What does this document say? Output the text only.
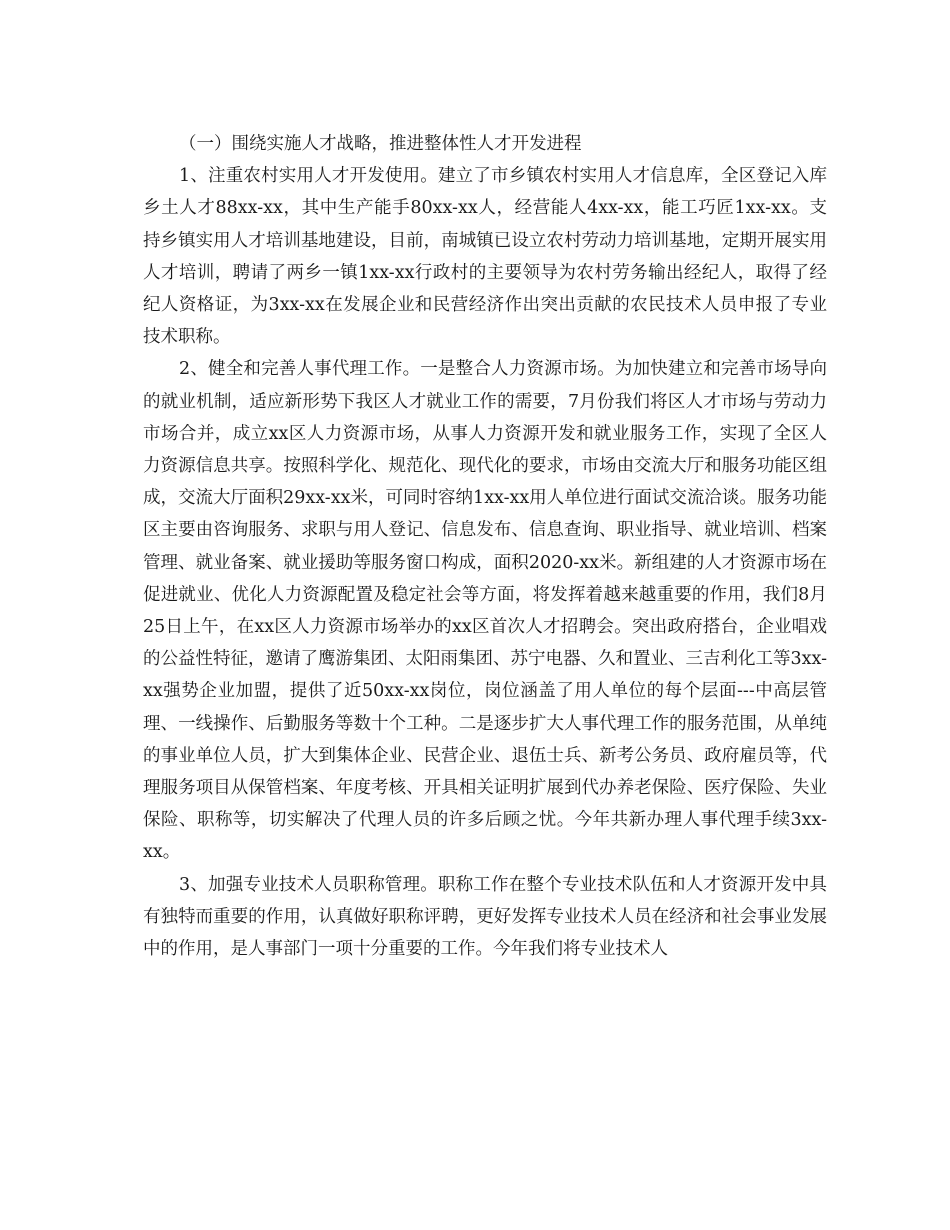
（一）围绕实施人才战略，推进整体性人才开发进程

1、注重农村实用人才开发使用。建立了市乡镇农村实用人才信息库，全区登记入库乡土人才88xx-xx，其中生产能手80xx-xx人，经营能人4xx-xx，能工巧匠1xx-xx。支持乡镇实用人才培训基地建设，目前，南城镇已设立农村劳动力培训基地，定期开展实用人才培训，聘请了两乡一镇1xx-xx行政村的主要领导为农村劳务输出经纪人，取得了经纪人资格证，为3xx-xx在发展企业和民营经济作出突出贡献的农民技术人员申报了专业技术职称。

2、健全和完善人事代理工作。一是整合人力资源市场。为加快建立和完善市场导向的就业机制，适应新形势下我区人才就业工作的需要，7月份我们将区人才市场与劳动力市场合并，成立xx区人力资源市场，从事人力资源开发和就业服务工作，实现了全区人力资源信息共享。按照科学化、规范化、现代化的要求，市场由交流大厅和服务功能区组成，交流大厅面积29xx-xx米，可同时容纳1xx-xx用人单位进行面试交流洽谈。服务功能区主要由咨询服务、求职与用人登记、信息发布、信息查询、职业指导、就业培训、档案管理、就业备案、就业援助等服务窗口构成，面积2020-xx米。新组建的人才资源市场在促进就业、优化人力资源配置及稳定社会等方面，将发挥着越来越重要的作用，我们8月25日上午，在xx区人力资源市场举办的xx区首次人才招聘会。突出政府搭台，企业唱戏的公益性特征，邀请了鹰游集团、太阳雨集团、苏宁电器、久和置业、三吉利化工等3xx-xx强势企业加盟，提供了近50xx-xx岗位，岗位涵盖了用人单位的每个层面---中高层管理、一线操作、后勤服务等数十个工种。二是逐步扩大人事代理工作的服务范围，从单纯的事业单位人员，扩大到集体企业、民营企业、退伍士兵、新考公务员、政府雇员等，代理服务项目从保管档案、年度考核、开具相关证明扩展到代办养老保险、医疗保险、失业保险、职称等，切实解决了代理人员的许多后顾之忧。今年共新办理人事代理手续3xx-xx。

3、加强专业技术人员职称管理。职称工作在整个专业技术队伍和人才资源开发中具有独特而重要的作用，认真做好职称评聘，更好发挥专业技术人员在经济和社会事业发展中的作用，是人事部门一项十分重要的工作。今年我们将专业技术人
